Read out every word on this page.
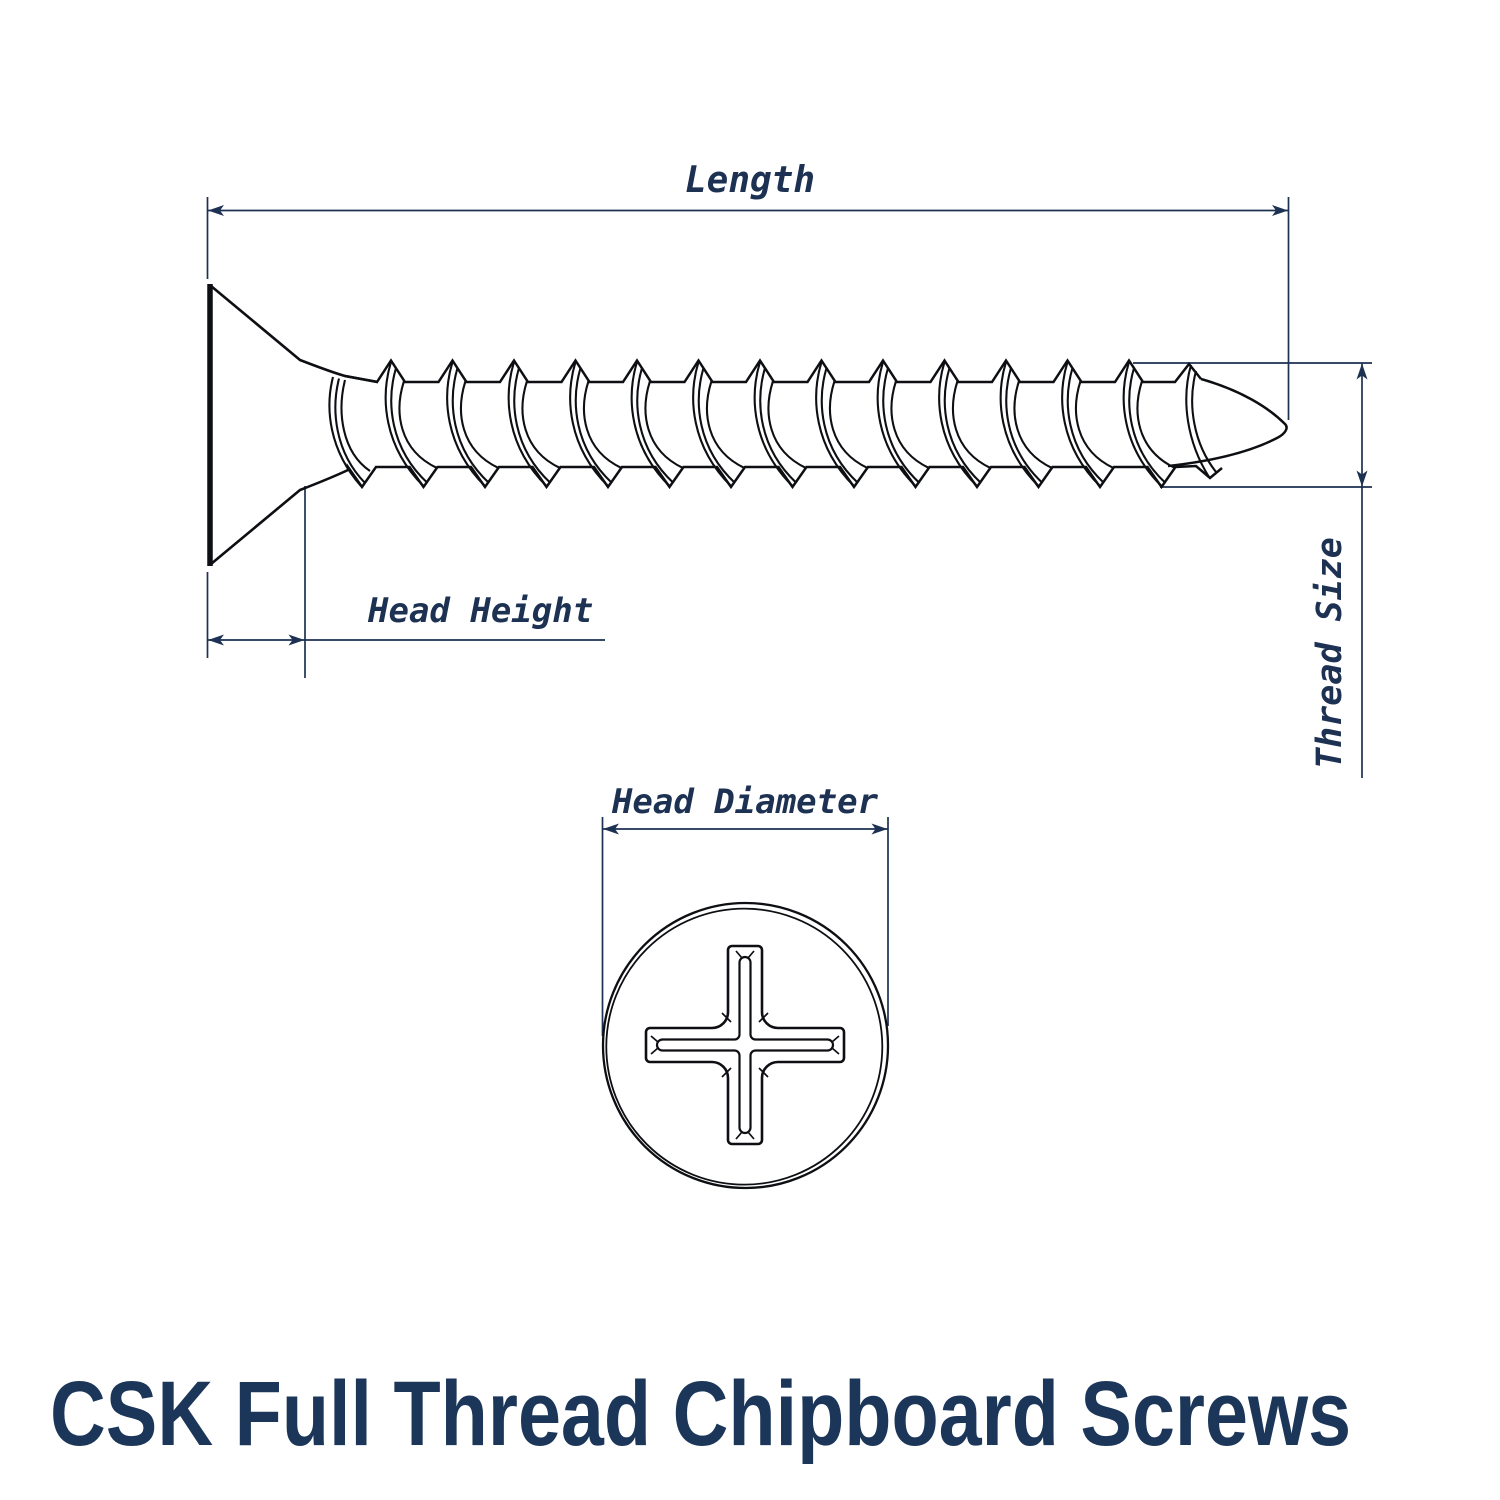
Length
Head Height	Thread Size
Head Diameter
CSK Full Thread Chipboard Screws
